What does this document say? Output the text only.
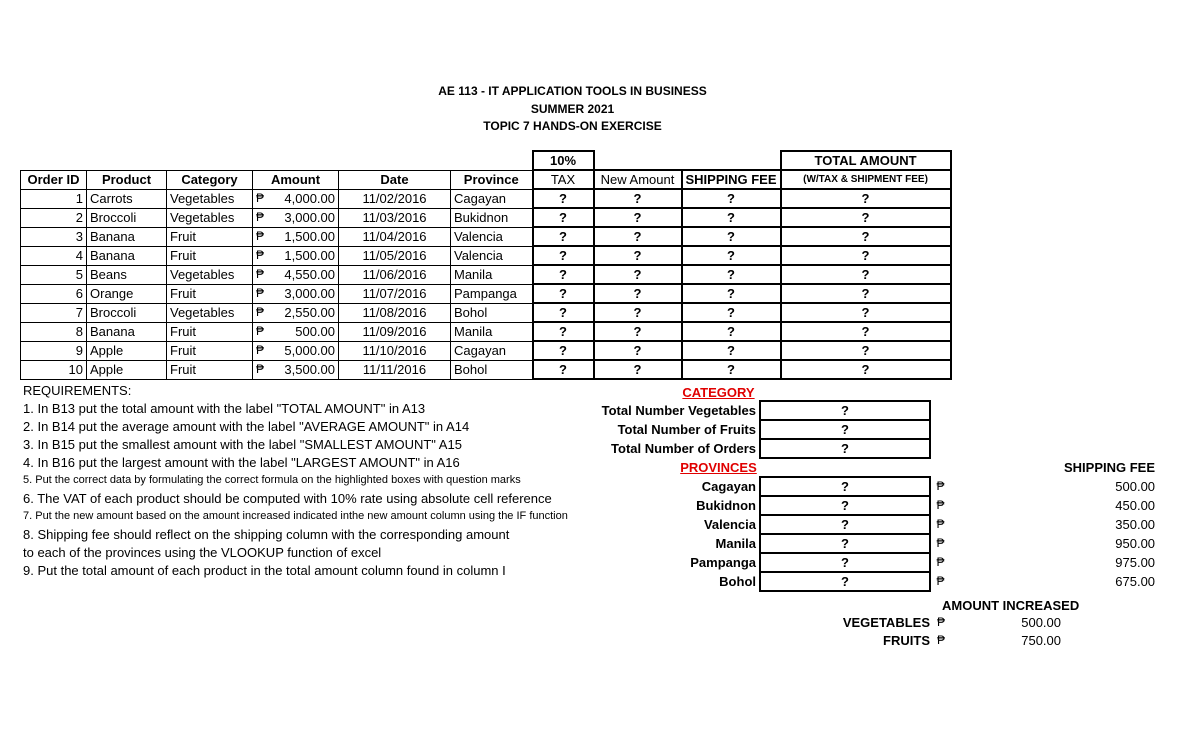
AE 113 - IT APPLICATION TOOLS IN BUSINESS
SUMMER 2021
TOPIC 7 HANDS-ON EXERCISE
						10%			TOTAL AMOUNT
Order ID	Product	Category	Amount	Date	Province	TAX	New Amount	SHIPPING FEE	(W/TAX & SHIPMENT FEE)
1	Carrots	Vegetables	₱ 4,000.00	11/02/2016	Cagayan	?	?	?	?
2	Broccoli	Vegetables	₱ 3,000.00	11/03/2016	Bukidnon	?	?	?	?
3	Banana	Fruit	₱ 1,500.00	11/04/2016	Valencia	?	?	?	?
4	Banana	Fruit	₱ 1,500.00	11/05/2016	Valencia	?	?	?	?
5	Beans	Vegetables	₱ 4,550.00	11/06/2016	Manila	?	?	?	?
6	Orange	Fruit	₱ 3,000.00	11/07/2016	Pampanga	?	?	?	?
7	Broccoli	Vegetables	₱ 2,550.00	11/08/2016	Bohol	?	?	?	?
8	Banana	Fruit	₱ 500.00	11/09/2016	Manila	?	?	?	?
9	Apple	Fruit	₱ 5,000.00	11/10/2016	Cagayan	?	?	?	?
10	Apple	Fruit	₱ 3,500.00	11/11/2016	Bohol	?	?	?	?
REQUIREMENTS:
1. In B13 put the total amount with the label "TOTAL AMOUNT" in A13
2. In B14 put the average amount with the label "AVERAGE AMOUNT" in A14
3. In B15 put the smallest amount with the label "SMALLEST AMOUNT" A15
4. In B16 put the largest amount with the label "LARGEST AMOUNT" in A16
5. Put the correct data by formulating the correct formula on the highlighted boxes with question marks
6. The VAT of each product should be computed with 10% rate using absolute cell reference
7. Put the new amount based on the amount increased indicated inthe new amount column using the IF function
8. Shipping fee should reflect on the shipping column with the corresponding amount
to each of the provinces using the VLOOKUP function of excel
9. Put the total amount of each product in the total amount column found in column I
CATEGORY				
Total Number Vegetables	?			
Total Number of Fruits	?			
Total Number of Orders	?			
PROVINCES				SHIPPING FEE
Cagayan	?	₱		500.00
Bukidnon	?	₱		450.00
Valencia	?	₱		350.00
Manila	?	₱		950.00
Pampanga	?	₱		975.00
Bohol	?	₱		675.00
AMOUNT INCREASED
VEGETABLES ₱	500.00
FRUITS ₱	750.00
